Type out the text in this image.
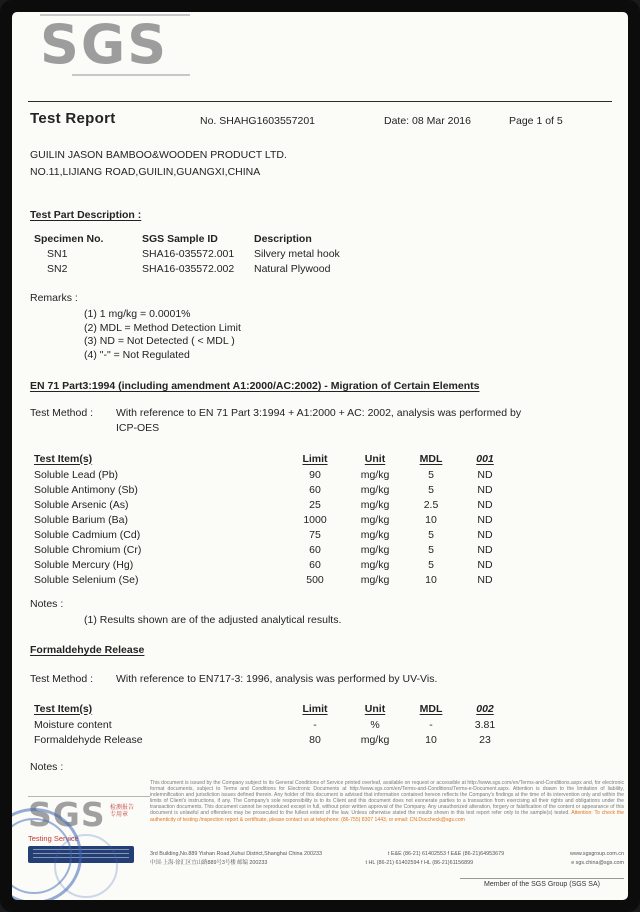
SGS
Test Report	No. SHAHG1603557201	Date: 08 Mar 2016	Page 1 of 5
GUILIN JASON BAMBOO&WOODEN PRODUCT LTD.
NO.11,LIJIANG ROAD,GUILIN,GUANGXI,CHINA
Test Part Description :
Specimen No.	SGS Sample ID	Description
SN1	SHA16-035572.001	Silvery metal hook
SN2	SHA16-035572.002	Natural Plywood
Remarks :
(1) 1 mg/kg = 0.0001%
(2) MDL = Method Detection Limit
(3) ND = Not Detected ( < MDL )
(4) "-" = Not Regulated
EN 71 Part3:1994 (including amendment A1:2000/AC:2002) - Migration of Certain Elements
Test Method :	With reference to EN 71 Part 3:1994 + A1:2000 + AC: 2002, analysis was performed by
ICP-OES
Test Item(s)	Limit	Unit	MDL	001
Soluble Lead (Pb)	90	mg/kg	5	ND
Soluble Antimony (Sb)	60	mg/kg	5	ND
Soluble Arsenic (As)	25	mg/kg	2.5	ND
Soluble Barium (Ba)	1000	mg/kg	10	ND
Soluble Cadmium (Cd)	75	mg/kg	5	ND
Soluble Chromium (Cr)	60	mg/kg	5	ND
Soluble Mercury (Hg)	60	mg/kg	5	ND
Soluble Selenium (Se)	500	mg/kg	10	ND
Notes :
(1) Results shown are of the adjusted analytical results.
Formaldehyde Release
Test Method :	With reference to EN717-3: 1996, analysis was performed by UV-Vis.
Test Item(s)	Limit	Unit	MDL	002
Moisture content	-	%	-	3.81
Formaldehyde Release	80	mg/kg	10	23
Notes :
This document is issued by the Company subject to its General Conditions of Service printed overleaf, available on request or accessible at http://www.sgs.com/en/Terms-and-Conditions.aspx and, for electronic format documents, subject to Terms and Conditions for Electronic Documents at http://www.sgs.com/en/Terms-and-Conditions/Terms-e-Document.aspx. Attention is drawn to the limitation of liability, indemnification and jurisdiction issues defined therein. Any holder of this document is advised that information contained hereon reflects the Company's findings at the time of its intervention only and within the limits of Client's instructions, if any. The Company's sole responsibility is to its Client and this document does not exonerate parties to a transaction from exercising all their rights and obligations under the transaction documents. This document cannot be reproduced except in full, without prior written approval of the Company. Any unauthorized alteration, forgery or falsification of the content or appearance of this document is unlawful and offenders may be prosecuted to the fullest extent of the law. Unless otherwise stated the results shown in this test report refer only to the sample(s) tested. Attention: To check the authenticity of testing /inspection report & certificate, please contact us at telephone: (86-755) 8307 1443, or email: CN.Doccheck@sgs.com
3rd Building,No.889 Yishan Road,Xuhui District,Shanghai China 200233	t E&E (86-21) 61402553 f E&E (86-21)64953679	www.sgsgroup.com.cn
中国·上海·徐汇区宜山路889号3号楼 邮编 200233	t HL (86-21) 61402594 f HL (86-21)61156899	e sgs.china@sgs.com
Member of the SGS Group (SGS SA)
SGS 检测报告
专用章
Testing Service
